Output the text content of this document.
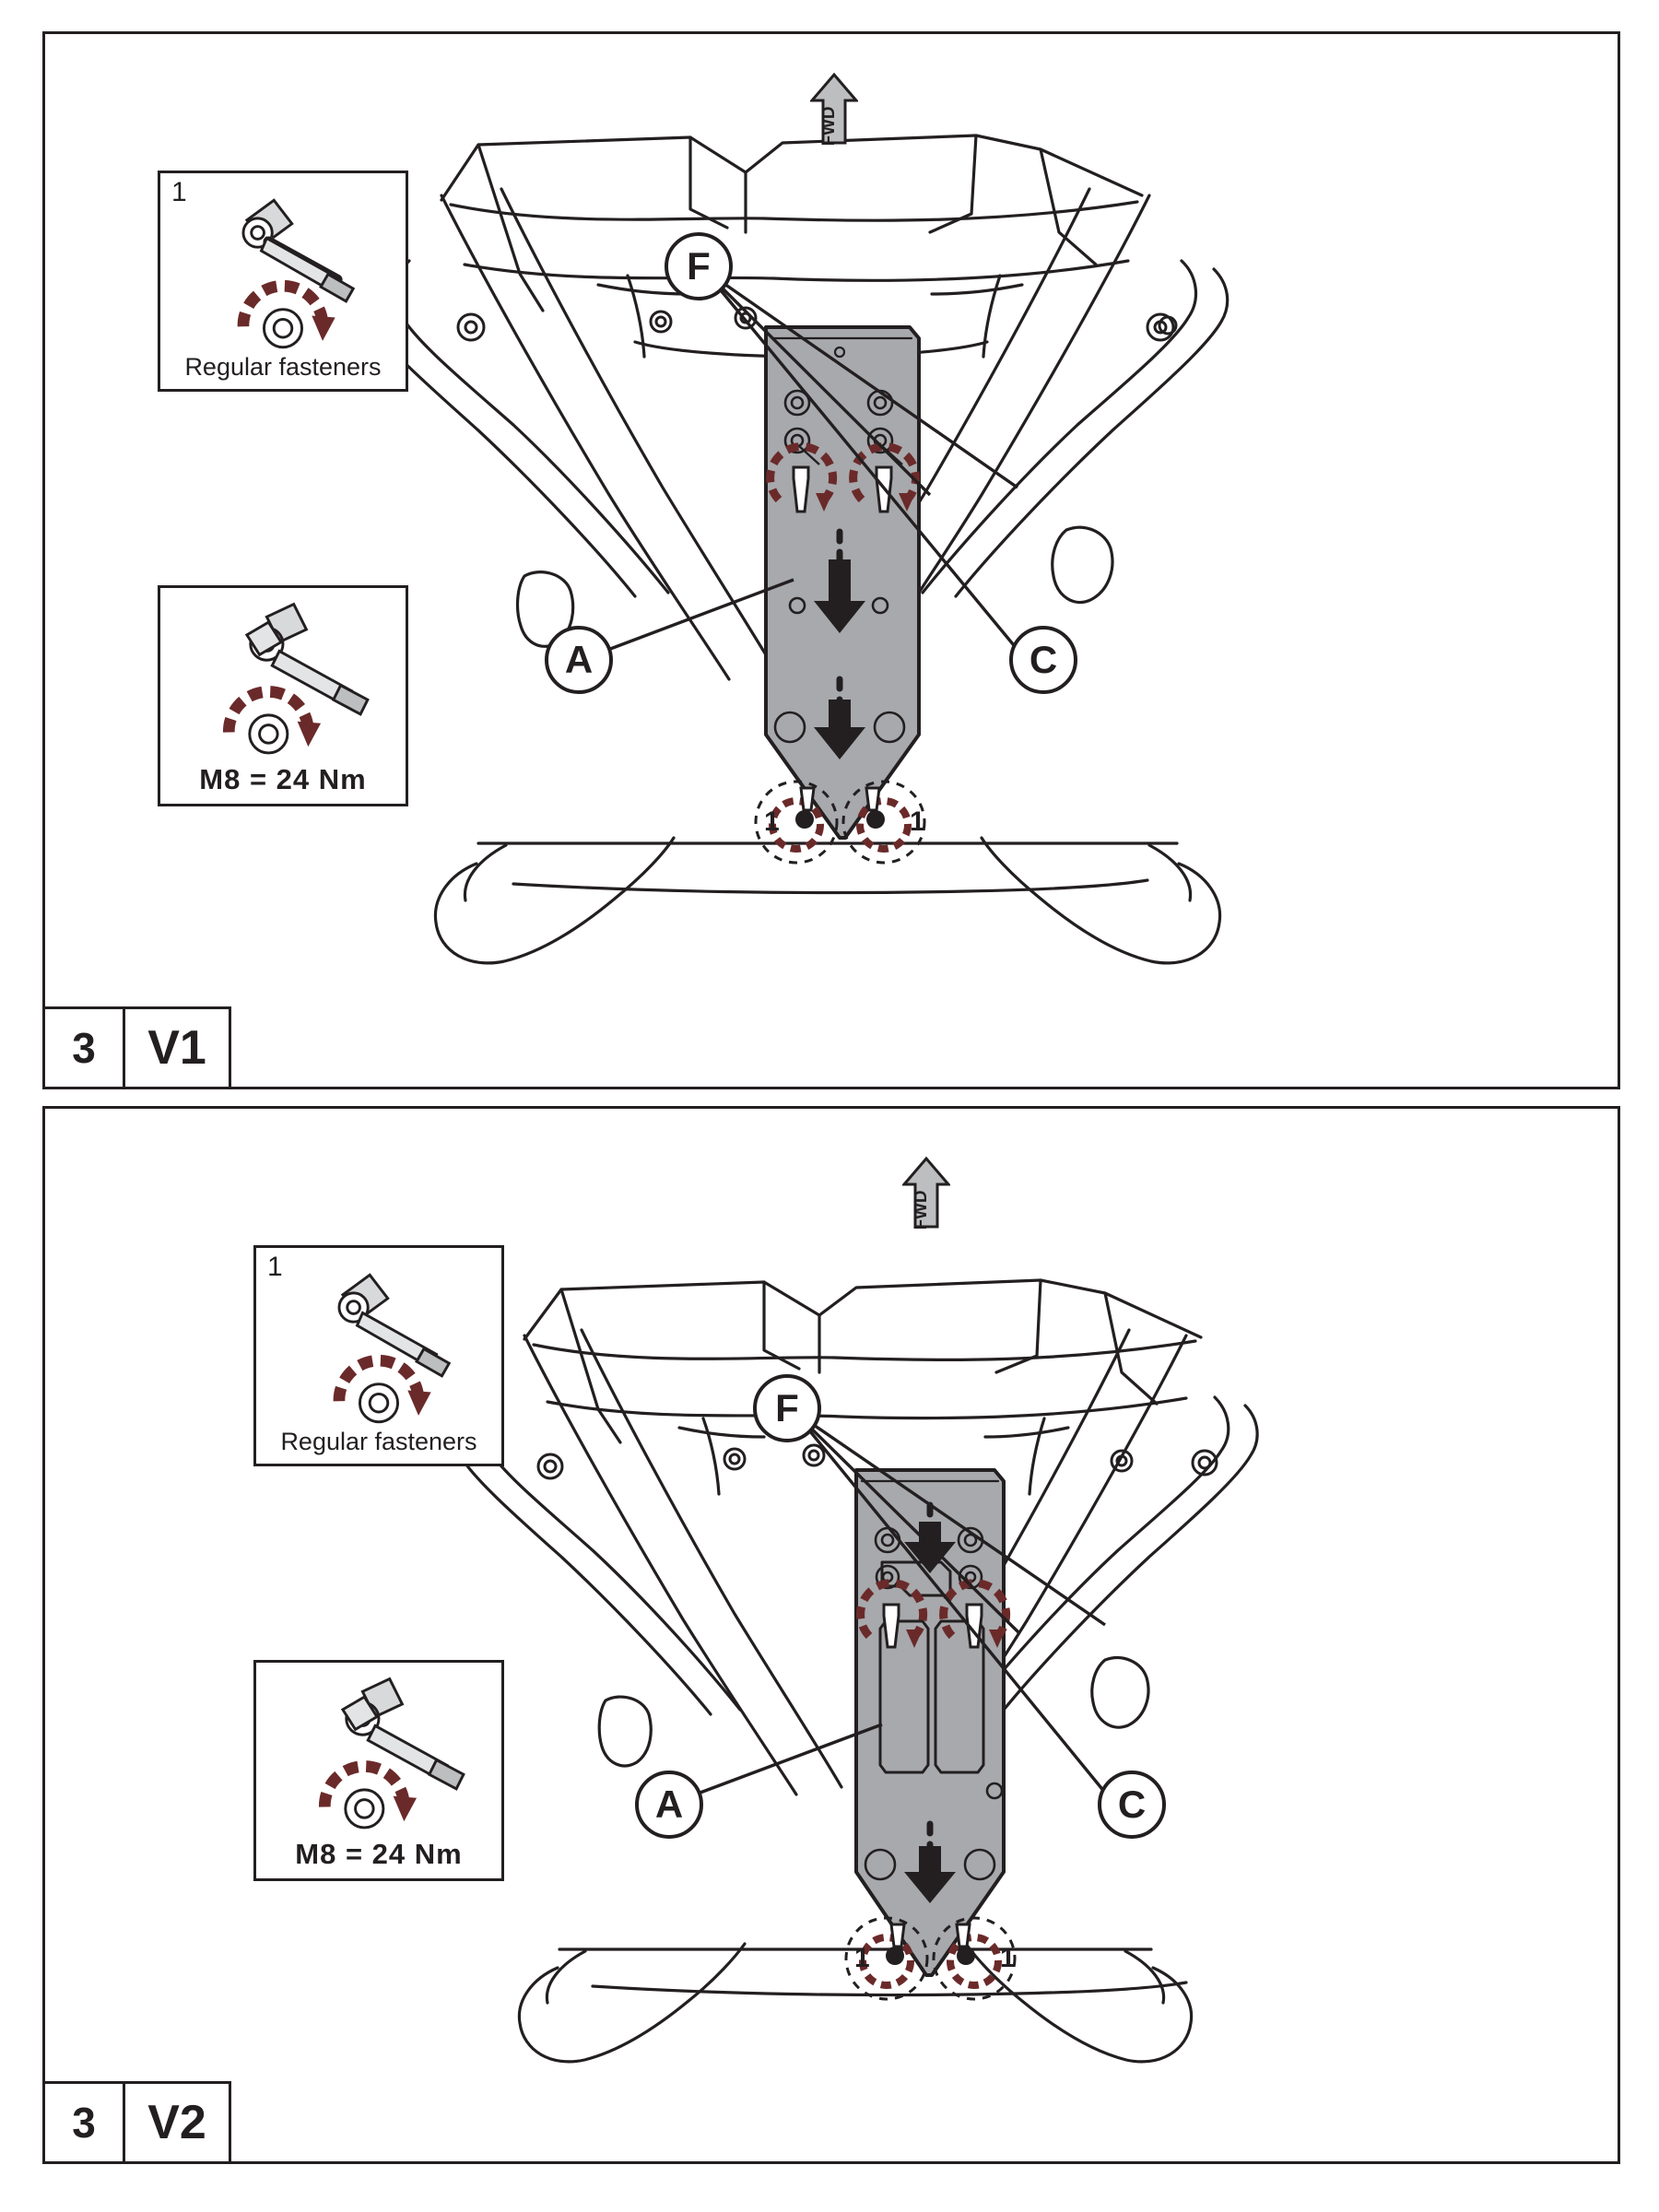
FWD
1
Regular fasteners
M8 = 24 Nm
F
A	C
1	1
3	V1
FWD
1
Regular fasteners
M8 = 24 Nm
F
A	C
1	1
3	V2
